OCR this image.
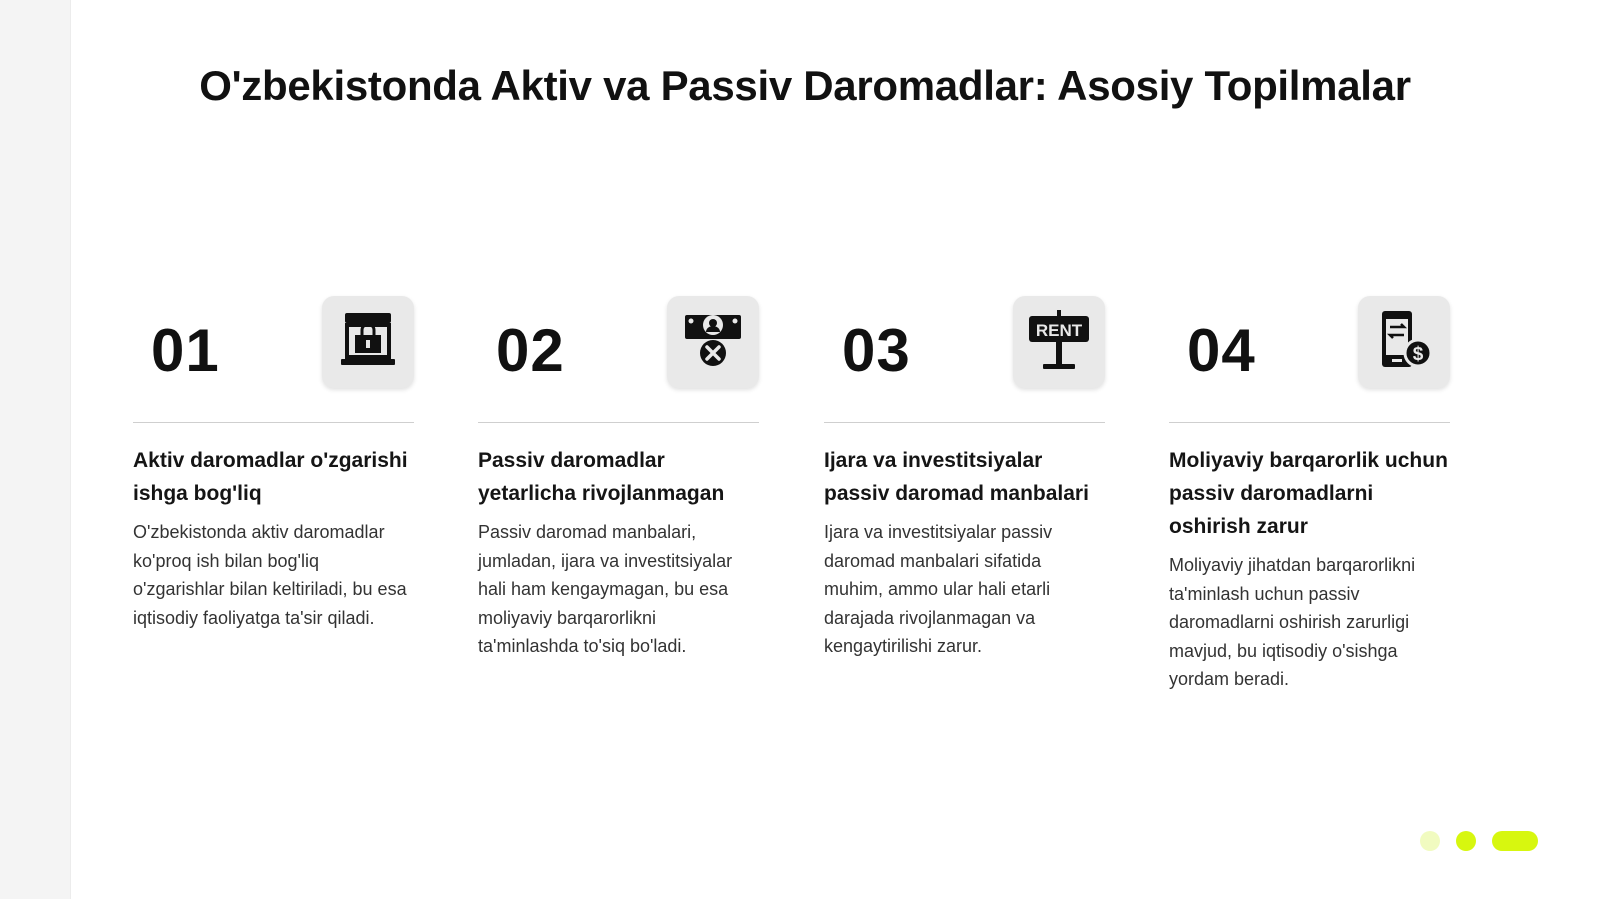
O'zbekistonda Aktiv va Passiv Daromadlar: Asosiy Topilmalar
01
Aktiv daromadlar o'zgarishi ishga bog'liq
O'zbekistonda aktiv daromadlar ko'proq ish bilan bog'liq o'zgarishlar bilan keltiriladi, bu esa iqtisodiy faoliyatga ta'sir qiladi.
02
Passiv daromadlar yetarlicha rivojlanmagan
Passiv daromad manbalari, jumladan, ijara va investitsiyalar hali ham kengaymagan, bu esa moliyaviy barqarorlikni ta'minlashda to'siq bo'ladi.
03	RENT
Ijara va investitsiyalar passiv daromad manbalari
Ijara va investitsiyalar passiv daromad manbalari sifatida muhim, ammo ular hali etarli darajada rivojlanmagan va kengaytirilishi zarur.
04	$
Moliyaviy barqarorlik uchun passiv daromadlarni oshirish zarur
Moliyaviy jihatdan barqarorlikni ta'minlash uchun passiv daromadlarni oshirish zarurligi mavjud, bu iqtisodiy o'sishga yordam beradi.
